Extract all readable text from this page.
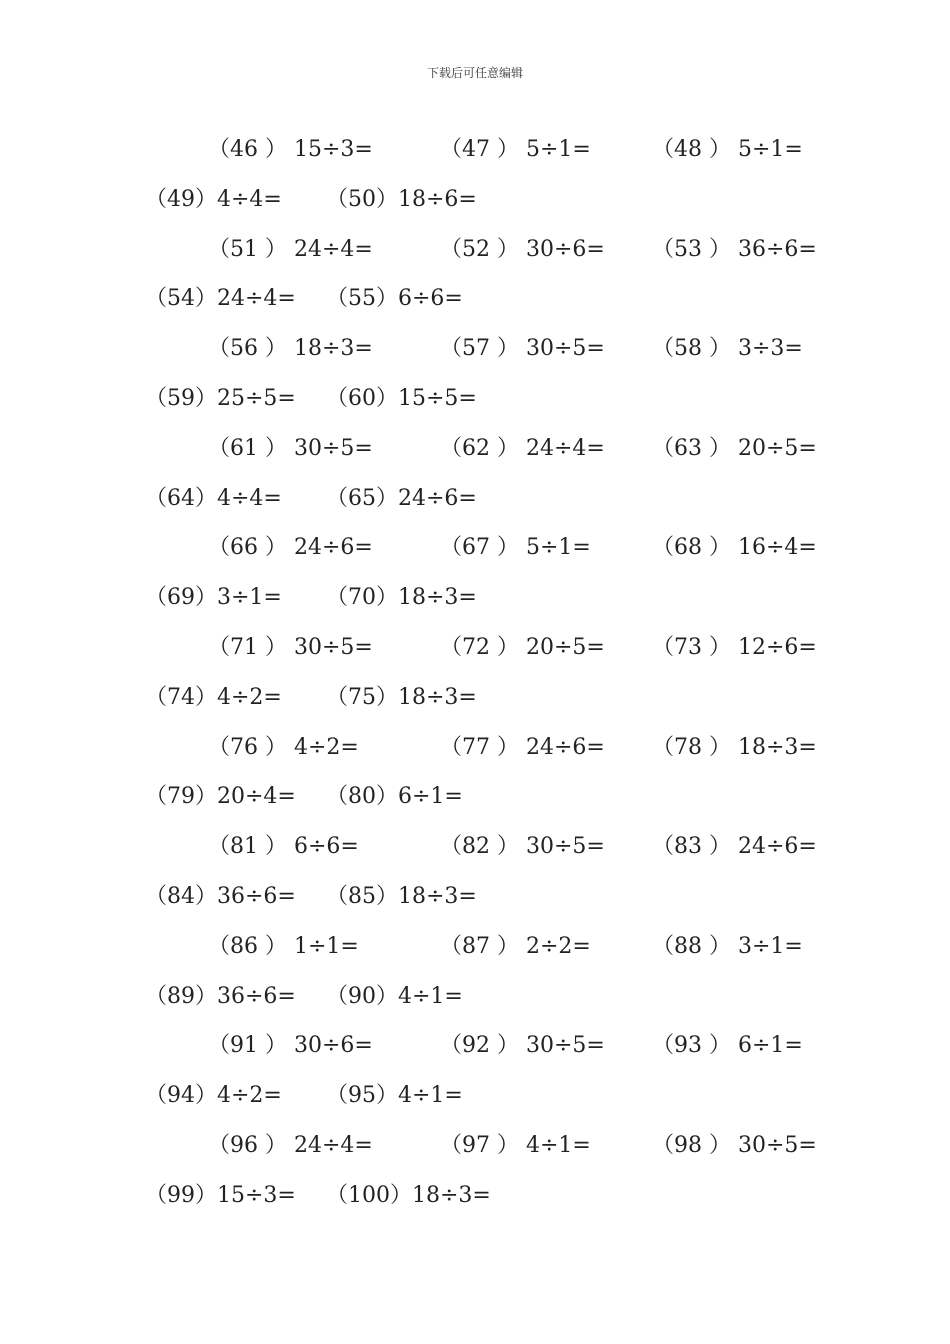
下载后可任意编辑
（46 ） 15÷3=	（47 ） 5÷1=	（48 ） 5÷1=
（49）4÷4= （50）18÷6=
（51 ） 24÷4=	（52 ） 30÷6= （53 ） 36÷6=
（54）24÷4= （55）6÷6=
（56 ） 18÷3=	（57 ） 30÷5= （58 ） 3÷3=
（59）25÷5= （60）15÷5=
（61 ） 30÷5=	（62 ） 24÷4= （63 ） 20÷5=
（64）4÷4= （65）24÷6=
（66 ） 24÷6=	（67 ） 5÷1=	（68 ） 16÷4=
（69）3÷1= （70）18÷3=
（71 ） 30÷5=	（72 ） 20÷5= （73 ） 12÷6=
（74）4÷2= （75）18÷3=
（76 ） 4÷2=	（77 ） 24÷6= （78 ） 18÷3=
（79）20÷4= （80）6÷1=
（81 ） 6÷6=	（82 ） 30÷5= （83 ） 24÷6=
（84）36÷6= （85）18÷3=
（86 ） 1÷1=	（87 ） 2÷2=	（88 ） 3÷1=
（89）36÷6= （90）4÷1=
（91 ） 30÷6=	（92 ） 30÷5= （93 ） 6÷1=
（94）4÷2= （95）4÷1=
（96 ） 24÷4=	（97 ） 4÷1=	（98 ） 30÷5=
（99）15÷3= （100）18÷3=
